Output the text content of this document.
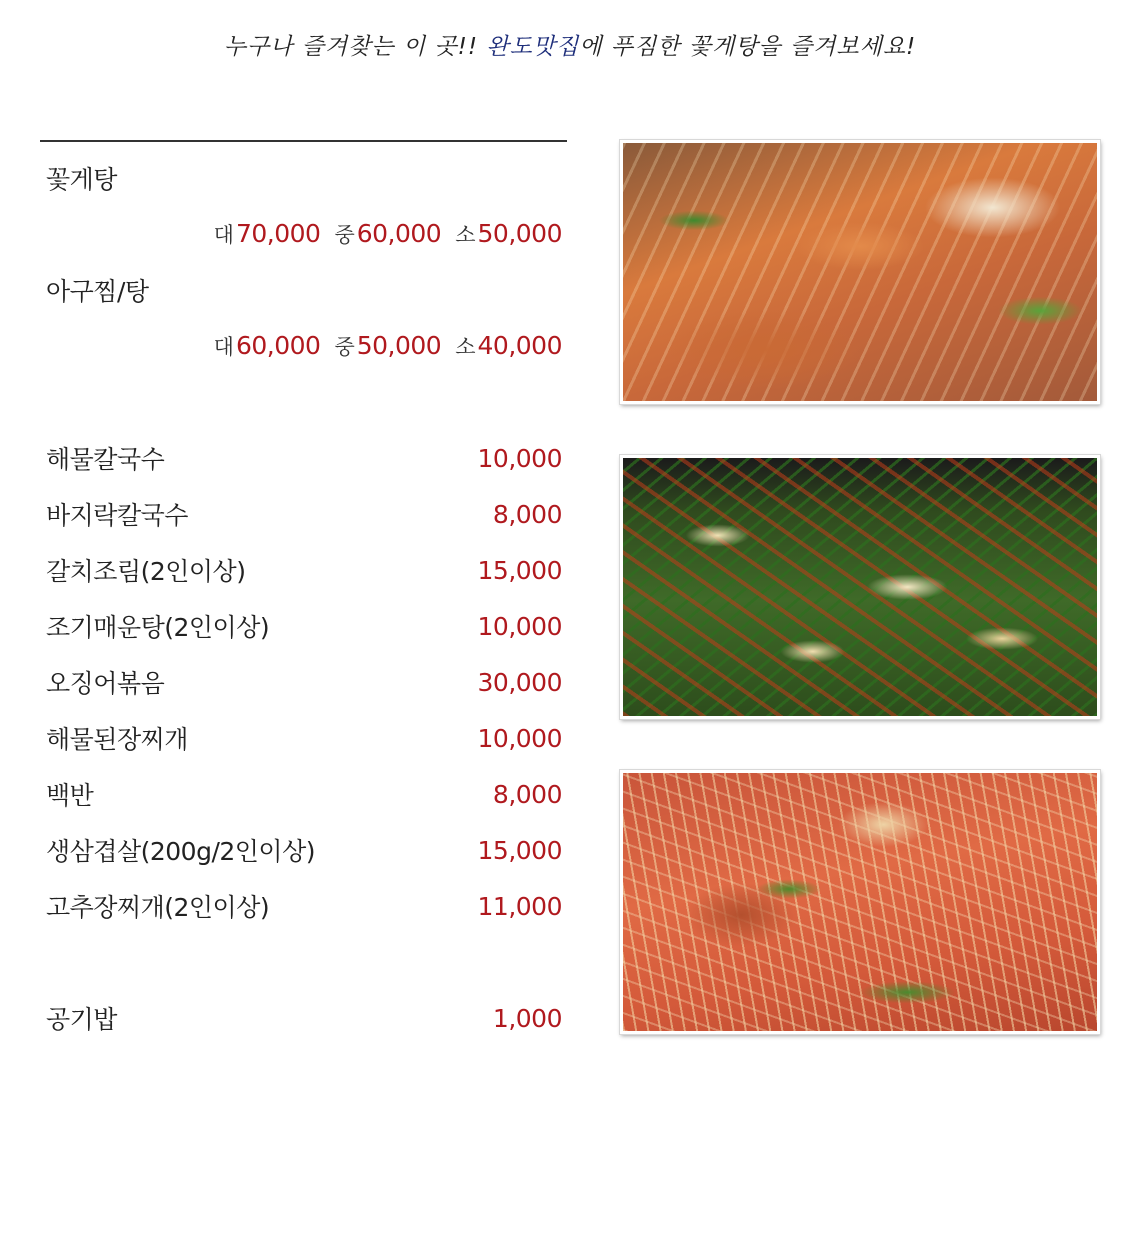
누구나 즐겨찾는 이 곳!! 완도맛집에 푸짐한 꽃게탕을 즐겨보세요!
꽃게탕
대 70,000 중 60,000 소 50,000
아구찜/탕
대 60,000 중 50,000 소 40,000
해물칼국수	10,000
바지락칼국수	8,000
갈치조림(2인이상)	15,000
조기매운탕(2인이상)	10,000
오징어볶음	30,000
해물된장찌개	10,000
백반	8,000
생삼겹살(200g/2인이상)	15,000
고추장찌개(2인이상)	11,000
공기밥	1,000
